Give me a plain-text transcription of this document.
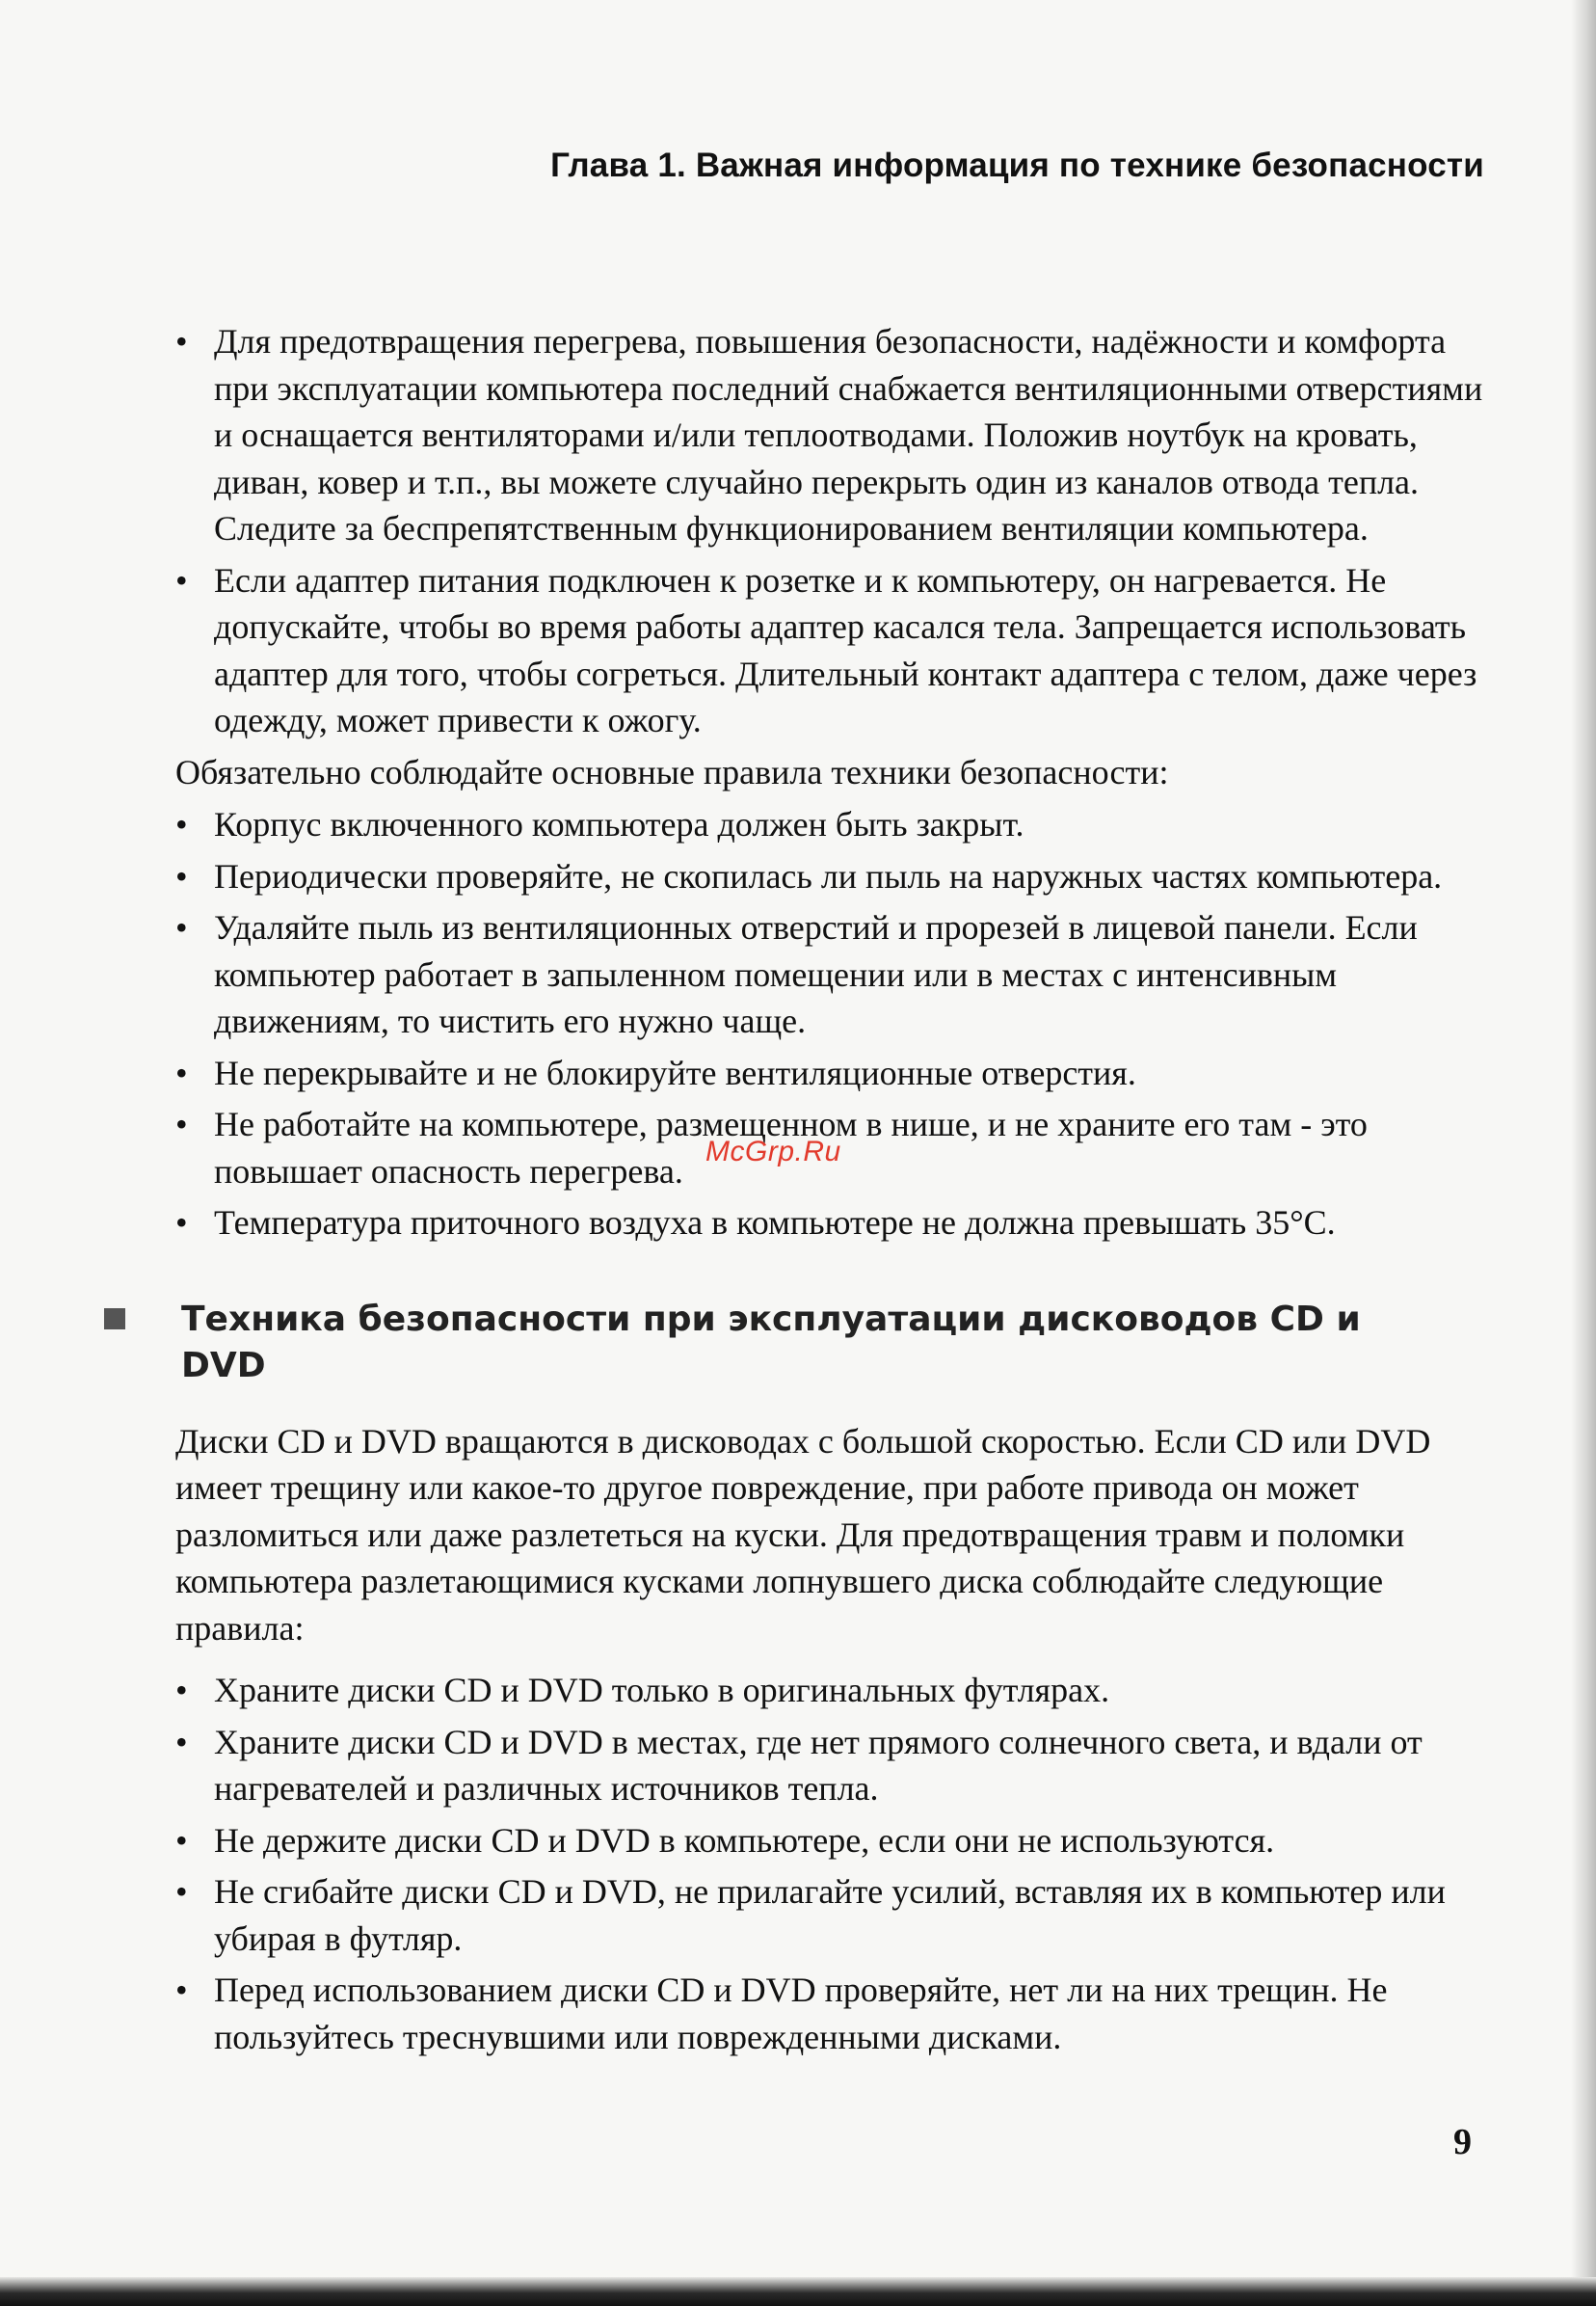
Глава 1. Важная информация по технике безопасности
• Для предотвращения перегрева, повышения безопасности, надёжности и комфорта при эксплуатации компьютера последний снабжается вентиляционными отверстиями и оснащается вентиляторами и/или теплоотводами. Положив ноутбук на кровать, диван, ковер и т.п., вы можете случайно перекрыть один из каналов отвода тепла. Следите за беспрепятственным функционированием вентиляции компьютера.
• Если адаптер питания подключен к розетке и к компьютеру, он нагревается. Не допускайте, чтобы во время работы адаптер касался тела. Запрещается использовать адаптер для того, чтобы согреться. Длительный контакт адаптера с телом, даже через одежду, может привести к ожогу.

Обязательно соблюдайте основные правила техники безопасности:

• Корпус включенного компьютера должен быть закрыт.
• Периодически проверяйте, не скопилась ли пыль на наружных частях компьютера.
• Удаляйте пыль из вентиляционных отверстий и прорезей в лицевой панели. Если компьютер работает в запыленном помещении или в местах с интенсивным движениям, то чистить его нужно чаще.
• Не перекрывайте и не блокируйте вентиляционные отверстия.
• Не работайте на компьютере, размещенном в нише, и не храните его там - это повышает опасность перегрева.
• Температура приточного воздуха в компьютере не должна превышать 35°C.
Техника безопасности при эксплуатации дисководов CD и DVD

Диски CD и DVD вращаются в дисководах с большой скоростью. Если CD или DVD имеет трещину или какое-то другое повреждение, при работе привода он может разломиться или даже разлететься на куски. Для предотвращения травм и поломки компьютера разлетающимися кусками лопнувшего диска соблюдайте следующие правила:

• Храните диски CD и DVD только в оригинальных футлярах.
• Храните диски CD и DVD в местах, где нет прямого солнечного света, и вдали от нагревателей и различных источников тепла.
• Не держите диски CD и DVD в компьютере, если они не используются.
• Не сгибайте диски CD и DVD, не прилагайте усилий, вставляя их в компьютер или убирая в футляр.
• Перед использованием диски CD и DVD проверяйте, нет ли на них трещин. Не пользуйтесь треснувшими или поврежденными дисками.
McGrp.Ru
9
